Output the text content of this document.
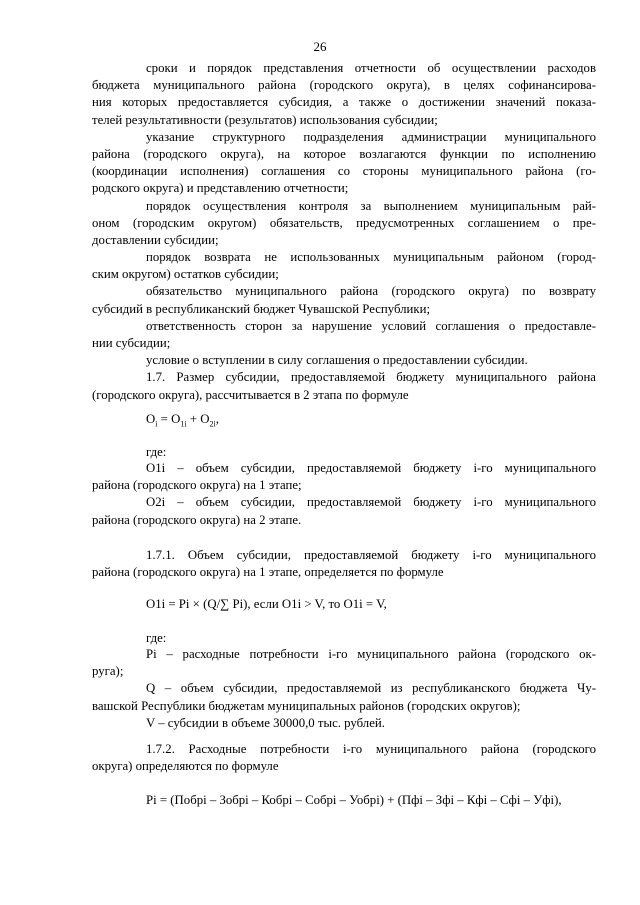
26
сроки и порядок представления отчетности об осуществлении расходов
бюджета муниципального района (городского округа), в целях софинансирова-
ния которых предоставляется субсидия, а также о достижении значений показа-
телей результативности (результатов) использования субсидии;
указание структурного подразделения администрации муниципального
района (городского округа), на которое возлагаются функции по исполнению
(координации исполнения) соглашения со стороны муниципального района (го-
родского округа) и представлению отчетности;
порядок осуществления контроля за выполнением муниципальным рай-
оном (городским округом) обязательств, предусмотренных соглашением о пре-
доставлении субсидии;
порядок возврата не использованных муниципальным районом (город-
ским округом) остатков субсидии;
обязательство муниципального района (городского округа) по возврату
субсидий в республиканский бюджет Чувашской Республики;
ответственность сторон за нарушение условий соглашения о предоставле-
нии субсидии;
условие о вступлении в силу соглашения о предоставлении субсидии.
1.7. Размер субсидии, предоставляемой бюджету муниципального района
(городского округа), рассчитывается в 2 этапа по формуле
$О_i = О_{1i} + О_{2i}$,
где:
О1i – объем субсидии, предоставляемой бюджету i-го муниципального
района (городского округа) на 1 этапе;
О2i – объем субсидии, предоставляемой бюджету i-го муниципального
района (городского округа) на 2 этапе.
1.7.1. Объем субсидии, предоставляемой бюджету i-го муниципального
района (городского округа) на 1 этапе, определяется по формуле
О1i = Pi × (Q/∑ Pi), если О1i > V, то О1i = V,
где:
Pi – расходные потребности i-го муниципального района (городского ок-
руга);
Q – объем субсидии, предоставляемой из республиканского бюджета Чу-
вашской Республики бюджетам муниципальных районов (городских округов);
V – субсидии в объеме 30000,0 тыс. рублей.
1.7.2. Расходные потребности i-го муниципального района (городского
округа) определяются по формуле
Pi = (Побрi – Зобрi – Кобрi – Собрi – Уобрi) + (Пфi – Зфi – Кфi – Сфi – Уфi),
